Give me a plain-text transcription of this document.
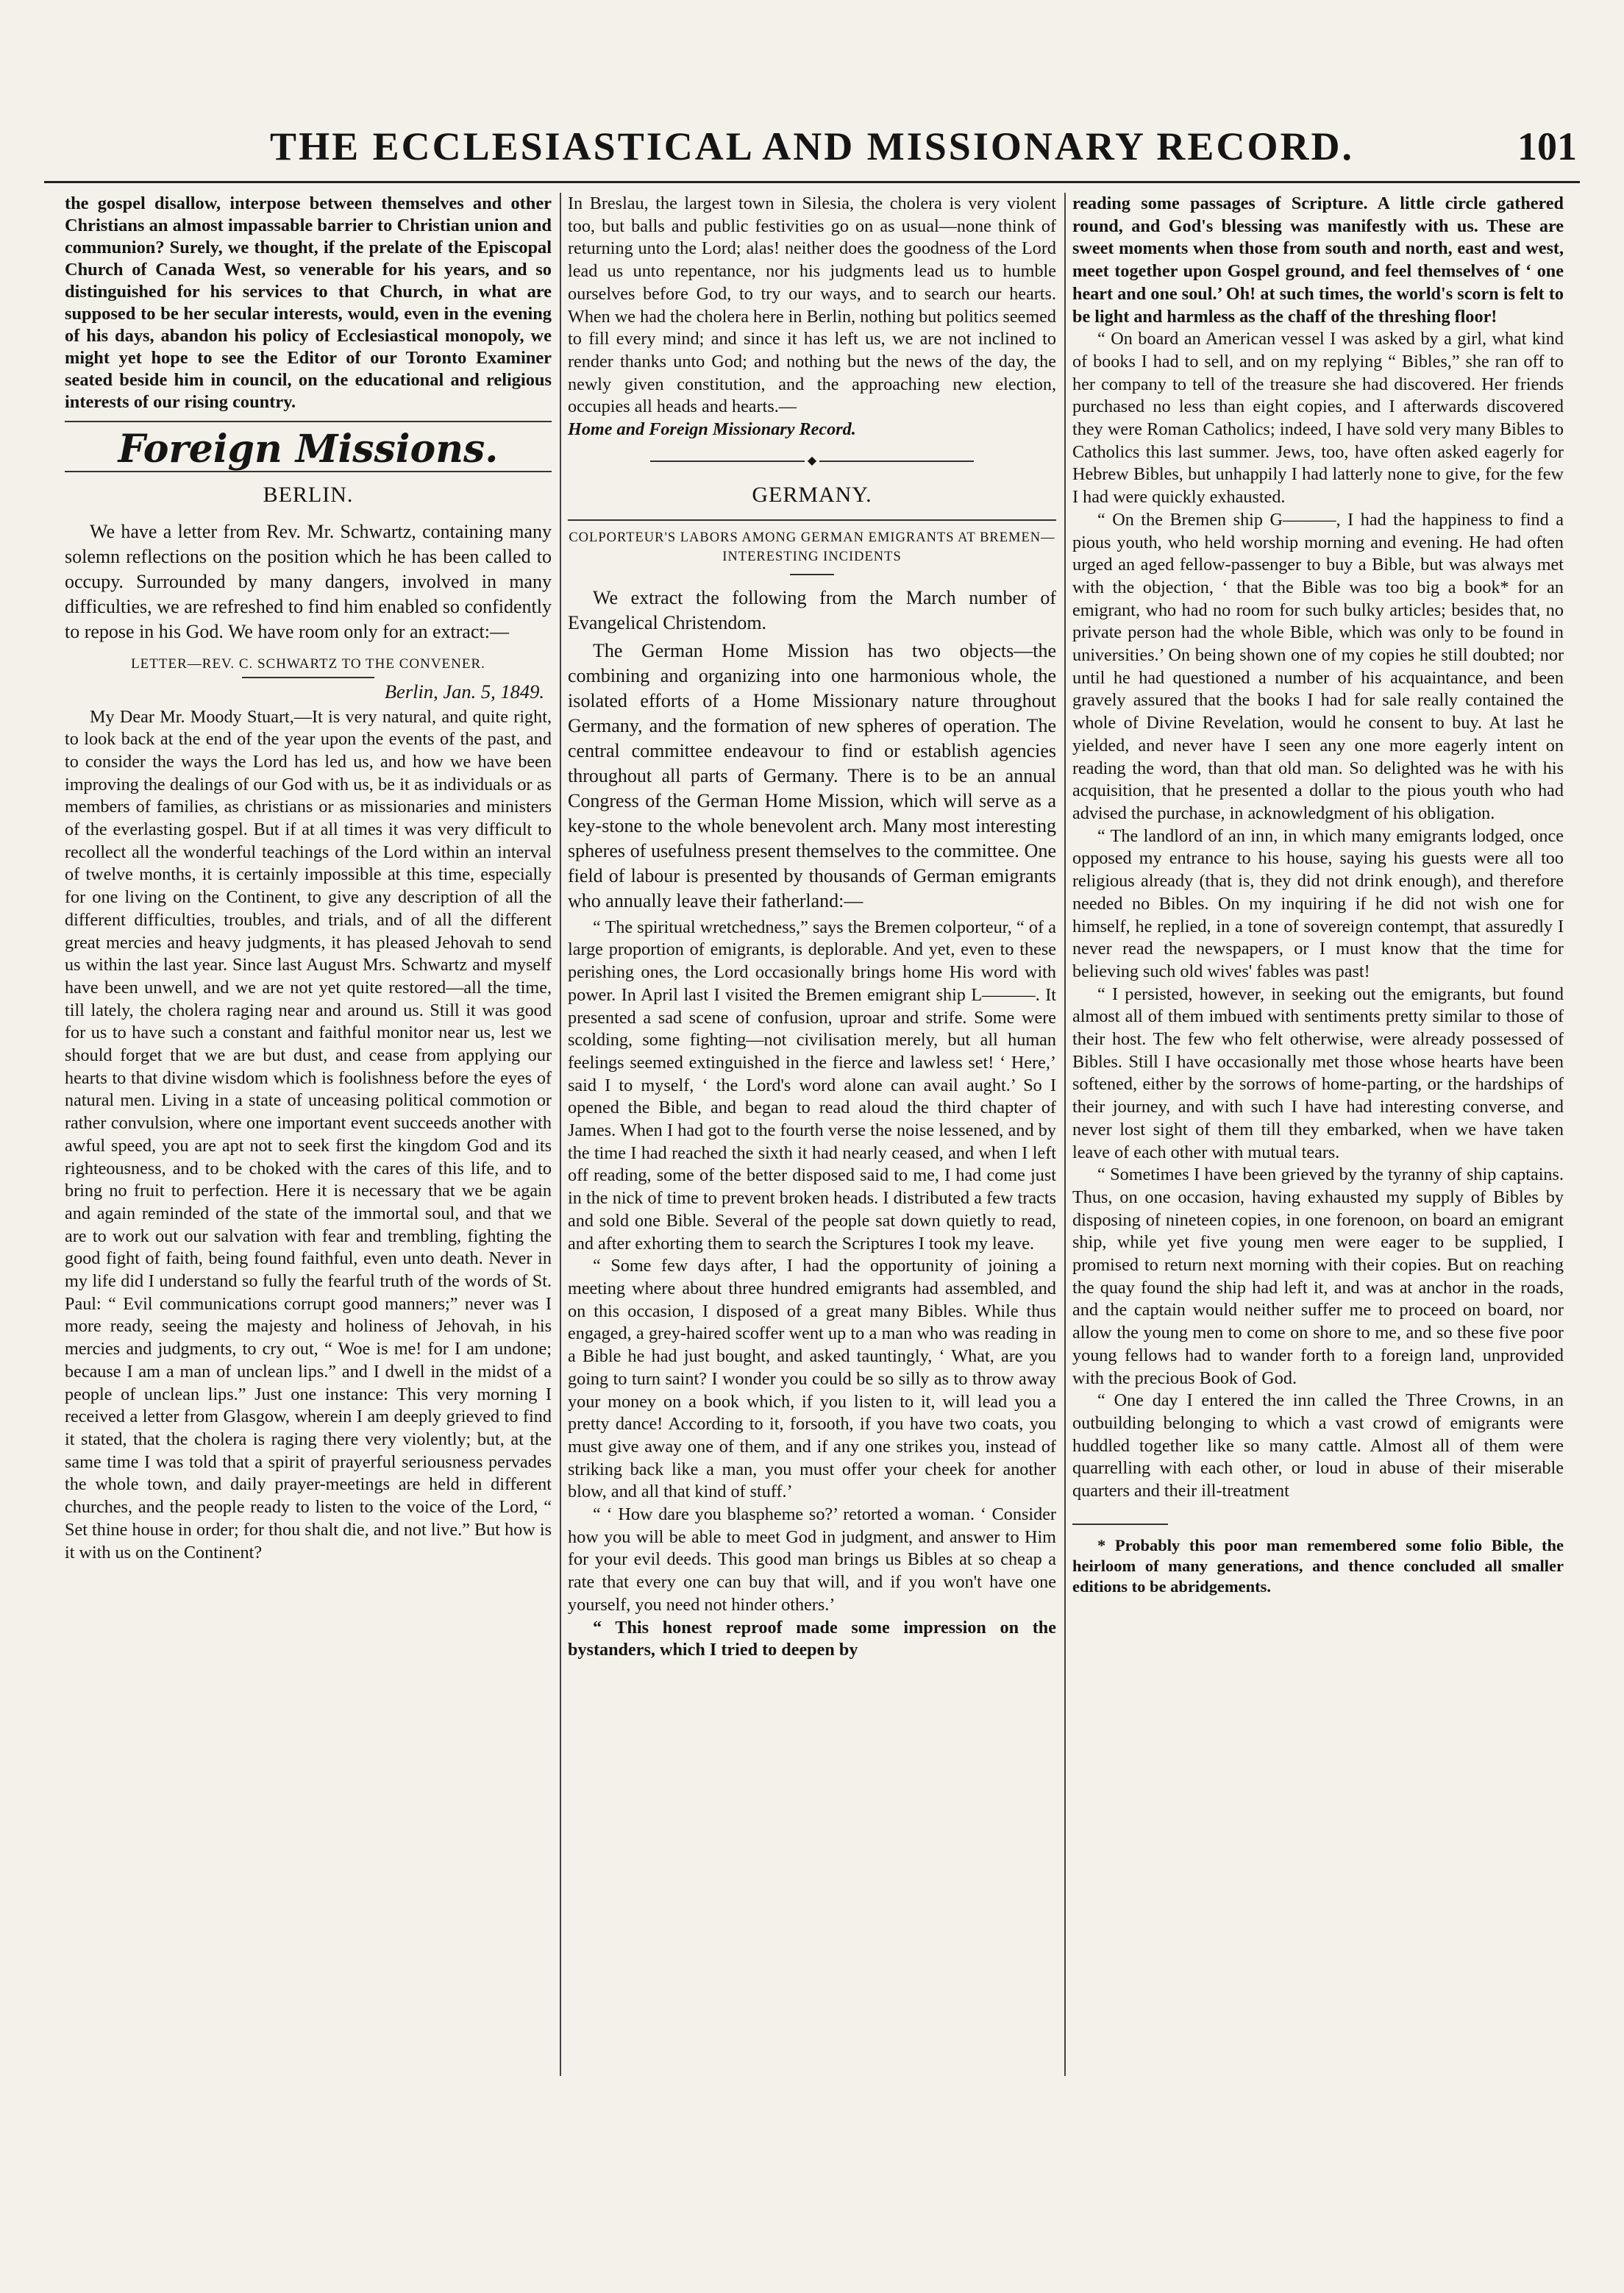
THE ECCLESIASTICAL AND MISSIONARY RECORD.	101

the gospel disallow, interpose between themselves and other Christians an almost impassable barrier to Christian union and communion? Surely, we thought, if the prelate of the Episcopal Church of Canada West, so venerable for his years, and so distinguished for his services to that Church, in what are supposed to be her secular interests, would, even in the evening of his days, abandon his policy of Ecclesiastical monopoly, we might yet hope to see the Editor of our Toronto Examiner seated beside him in council, on the educational and religious interests of our rising country.

Foreign Missions.
BERLIN.

We have a letter from Rev. Mr. Schwartz, containing many solemn reflections on the position which he has been called to occupy. Surrounded by many dangers, involved in many difficulties, we are refreshed to find him enabled so confidently to repose in his God. We have room only for an extract:—

LETTER—REV. C. SCHWARTZ TO THE CONVENER.

Berlin, Jan. 5, 1849.

My Dear Mr. Moody Stuart,—It is very natural, and quite right, to look back at the end of the year upon the events of the past, and to consider the ways the Lord has led us, and how we have been improving the dealings of our God with us, be it as individuals or as members of families, as christians or as missionaries and ministers of the everlasting gospel. But if at all times it was very difficult to recollect all the wonderful teachings of the Lord within an interval of twelve months, it is certainly impossible at this time, especially for one living on the Continent, to give any description of all the different difficulties, troubles, and trials, and of all the different great mercies and heavy judgments, it has pleased Jehovah to send us within the last year. Since last August Mrs. Schwartz and myself have been unwell, and we are not yet quite restored—all the time, till lately, the cholera raging near and around us. Still it was good for us to have such a constant and faithful monitor near us, lest we should forget that we are but dust, and cease from applying our hearts to that divine wisdom which is foolishness before the eyes of natural men. Living in a state of unceasing political commotion or rather convulsion, where one important event succeeds another with awful speed, you are apt not to seek first the kingdom God and its righteousness, and to be choked with the cares of this life, and to bring no fruit to perfection. Here it is necessary that we be again and again reminded of the state of the immortal soul, and that we are to work out our salvation with fear and trembling, fighting the good fight of faith, being found faithful, even unto death. Never in my life did I understand so fully the fearful truth of the words of St. Paul: “ Evil communications corrupt good manners;” never was I more ready, seeing the majesty and holiness of Jehovah, in his mercies and judgments, to cry out, “ Woe is me! for I am undone; because I am a man of unclean lips.” and I dwell in the midst of a people of unclean lips.” Just one instance: This very morning I received a letter from Glasgow, wherein I am deeply grieved to find it stated, that the cholera is raging there very violently; but, at the same time I was told that a spirit of prayerful seriousness pervades the whole town, and daily prayer-meetings are held in different churches, and the people ready to listen to the voice of the Lord, “ Set thine house in order; for thou shalt die, and not live.” But how is it with us on the Continent?

In Breslau, the largest town in Silesia, the cholera is very violent too, but balls and public festivities go on as usual—none think of returning unto the Lord; alas! neither does the goodness of the Lord lead us unto repentance, nor his judgments lead us to humble ourselves before God, to try our ways, and to search our hearts. When we had the cholera here in Berlin, nothing but politics seemed to fill every mind; and since it has left us, we are not inclined to render thanks unto God; and nothing but the news of the day, the newly given constitution, and the approaching new election, occupies all heads and hearts.—

Home and Foreign Missionary Record.

◆
GERMANY.
COLPORTEUR'S LABORS AMONG GERMAN EMIGRANTS AT BREMEN—INTERESTING INCIDENTS

We extract the following from the March number of Evangelical Christendom.

The German Home Mission has two objects—the combining and organizing into one harmonious whole, the isolated efforts of a Home Missionary nature throughout Germany, and the formation of new spheres of operation. The central committee endeavour to find or establish agencies throughout all parts of Germany. There is to be an annual Congress of the German Home Mission, which will serve as a key-stone to the whole benevolent arch. Many most interesting spheres of usefulness present themselves to the committee. One field of labour is presented by thousands of German emigrants who annually leave their fatherland:—

“ The spiritual wretchedness,” says the Bremen colporteur, “ of a large proportion of emigrants, is deplorable. And yet, even to these perishing ones, the Lord occasionally brings home His word with power. In April last I visited the Bremen emigrant ship L———. It presented a sad scene of confusion, uproar and strife. Some were scolding, some fighting—not civilisation merely, but all human feelings seemed extinguished in the fierce and lawless set! ‘ Here,’ said I to myself, ‘ the Lord's word alone can avail aught.’ So I opened the Bible, and began to read aloud the third chapter of James. When I had got to the fourth verse the noise lessened, and by the time I had reached the sixth it had nearly ceased, and when I left off reading, some of the better disposed said to me, I had come just in the nick of time to prevent broken heads. I distributed a few tracts and sold one Bible. Several of the people sat down quietly to read, and after exhorting them to search the Scriptures I took my leave.

“ Some few days after, I had the opportunity of joining a meeting where about three hundred emigrants had assembled, and on this occasion, I disposed of a great many Bibles. While thus engaged, a grey-haired scoffer went up to a man who was reading in a Bible he had just bought, and asked tauntingly, ‘ What, are you going to turn saint? I wonder you could be so silly as to throw away your money on a book which, if you listen to it, will lead you a pretty dance! According to it, forsooth, if you have two coats, you must give away one of them, and if any one strikes you, instead of striking back like a man, you must offer your cheek for another blow, and all that kind of stuff.’

“ ‘ How dare you blaspheme so?’ retorted a woman. ‘ Consider how you will be able to meet God in judgment, and answer to Him for your evil deeds. This good man brings us Bibles at so cheap a rate that every one can buy that will, and if you won't have one yourself, you need not hinder others.’

“ This honest reproof made some impression on the bystanders, which I tried to deepen by

reading some passages of Scripture. A little circle gathered round, and God's blessing was manifestly with us. These are sweet moments when those from south and north, east and west, meet together upon Gospel ground, and feel themselves of ‘ one heart and one soul.’ Oh! at such times, the world's scorn is felt to be light and harmless as the chaff of the threshing floor!

“ On board an American vessel I was asked by a girl, what kind of books I had to sell, and on my replying “ Bibles,” she ran off to her company to tell of the treasure she had discovered. Her friends purchased no less than eight copies, and I afterwards discovered they were Roman Catholics; indeed, I have sold very many Bibles to Catholics this last summer. Jews, too, have often asked eagerly for Hebrew Bibles, but unhappily I had latterly none to give, for the few I had were quickly exhausted.

“ On the Bremen ship G———, I had the happiness to find a pious youth, who held worship morning and evening. He had often urged an aged fellow-passenger to buy a Bible, but was always met with the objection, ‘ that the Bible was too big a book* for an emigrant, who had no room for such bulky articles; besides that, no private person had the whole Bible, which was only to be found in universities.’ On being shown one of my copies he still doubted; nor until he had questioned a number of his acquaintance, and been gravely assured that the books I had for sale really contained the whole of Divine Revelation, would he consent to buy. At last he yielded, and never have I seen any one more eagerly intent on reading the word, than that old man. So delighted was he with his acquisition, that he presented a dollar to the pious youth who had advised the purchase, in acknowledgment of his obligation.

“ The landlord of an inn, in which many emigrants lodged, once opposed my entrance to his house, saying his guests were all too religious already (that is, they did not drink enough), and therefore needed no Bibles. On my inquiring if he did not wish one for himself, he replied, in a tone of sovereign contempt, that assuredly I never read the newspapers, or I must know that the time for believing such old wives' fables was past!

“ I persisted, however, in seeking out the emigrants, but found almost all of them imbued with sentiments pretty similar to those of their host. The few who felt otherwise, were already possessed of Bibles. Still I have occasionally met those whose hearts have been softened, either by the sorrows of home-parting, or the hardships of their journey, and with such I have had interesting converse, and never lost sight of them till they embarked, when we have taken leave of each other with mutual tears.

“ Sometimes I have been grieved by the tyranny of ship captains. Thus, on one occasion, having exhausted my supply of Bibles by disposing of nineteen copies, in one forenoon, on board an emigrant ship, while yet five young men were eager to be supplied, I promised to return next morning with their copies. But on reaching the quay found the ship had left it, and was at anchor in the roads, and the captain would neither suffer me to proceed on board, nor allow the young men to come on shore to me, and so these five poor young fellows had to wander forth to a foreign land, unprovided with the precious Book of God.

“ One day I entered the inn called the Three Crowns, in an outbuilding belonging to which a vast crowd of emigrants were huddled together like so many cattle. Almost all of them were quarrelling with each other, or loud in abuse of their miserable quarters and their ill-treatment

* Probably this poor man remembered some folio Bible, the heirloom of many generations, and thence concluded all smaller editions to be abridgements.
